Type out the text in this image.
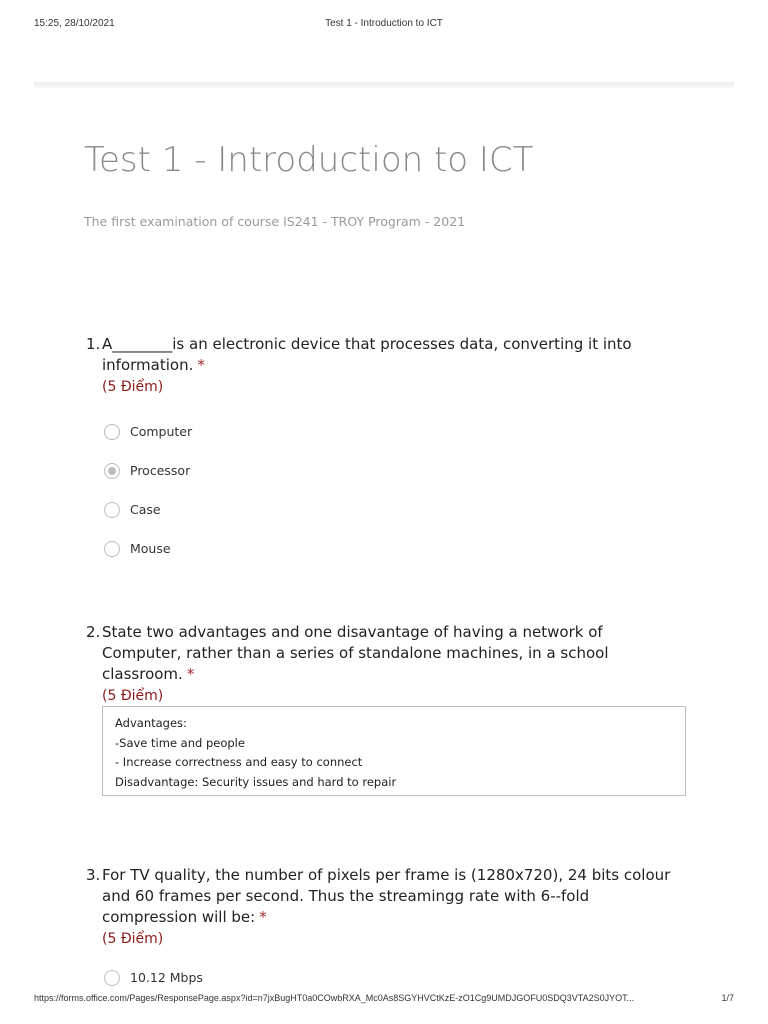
15:25, 28/10/2021	Test 1 - Introduction to ICT
Test 1 - Introduction to ICT
The first examination of course IS241 - TROY Program - 2021
1. A________is an electronic device that processes data, converting it into information. *
(5 Điểm)
Computer
Processor
Case
Mouse
2. State two advantages and one disavantage of having a network of Computer, rather than a series of standalone machines, in a school classroom. *
(5 Điểm)
Advantages:
-Save time and people
- Increase correctness and easy to connect
Disadvantage: Security issues and hard to repair
3. For TV quality, the number of pixels per frame is (1280x720), 24 bits colour and 60 frames per second. Thus the streamingg rate with 6--fold compression will be: *
(5 Điểm)
10.12 Mbps
https://forms.office.com/Pages/ResponsePage.aspx?id=n7jxBugHT0a0COwbRXA_Mc0As8SGYHVCtKzE-zO1Cg9UMDJGOFU0SDQ3VTA2S0JYOT...	1/7
